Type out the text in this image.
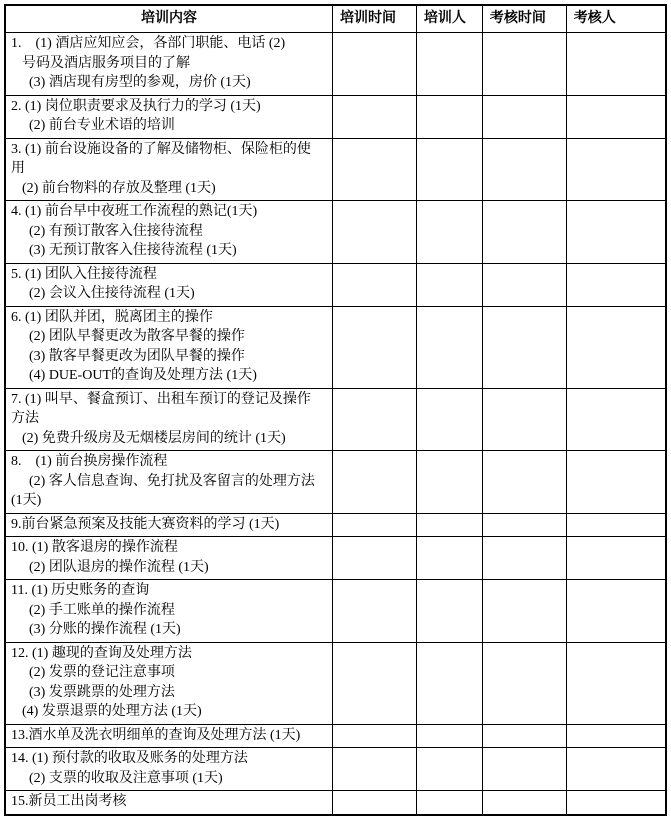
培训内容	培训时间	培训人	考核时间	考核人

1.　(1) 酒店应知应会，各部门职能、电话 (2)
号码及酒店服务项目的了解
(3) 酒店现有房型的参观，房价 (1天)				

2. (1) 岗位职责要求及执行力的学习 (1天)
(2) 前台专业术语的培训				

3. (1) 前台设施设备的了解及储物柜、保险柜的使
用
(2) 前台物料的存放及整理 (1天)				

4. (1) 前台早中夜班工作流程的熟记(1天)
(2) 有预订散客入住接待流程
(3) 无预订散客入住接待流程 (1天)				

5. (1) 团队入住接待流程
(2) 会议入住接待流程 (1天)				

6. (1) 团队并团，脱离团主的操作
(2) 团队早餐更改为散客早餐的操作
(3) 散客早餐更改为团队早餐的操作
(4) DUE-OUT的查询及处理方法 (1天)				

7. (1) 叫早、餐盒预订、出租车预订的登记及操作
方法
(2) 免费升级房及无烟楼层房间的统计 (1天)				

8.　(1) 前台换房操作流程
(2) 客人信息查询、免打扰及客留言的处理方法
(1天)				

9.前台紧急预案及技能大赛资料的学习 (1天)				

10. (1) 散客退房的操作流程
(2) 团队退房的操作流程 (1天)				

11. (1) 历史账务的查询
(2) 手工账单的操作流程
(3) 分账的操作流程 (1天)				

12. (1) 趣现的查询及处理方法
(2) 发票的登记注意事项
(3) 发票跳票的处理方法
(4) 发票退票的处理方法 (1天)				

13.酒水单及洗衣明细单的查询及处理方法 (1天)				

14. (1) 预付款的收取及账务的处理方法
(2) 支票的收取及注意事项 (1天)				

15.新员工出岗考核				
